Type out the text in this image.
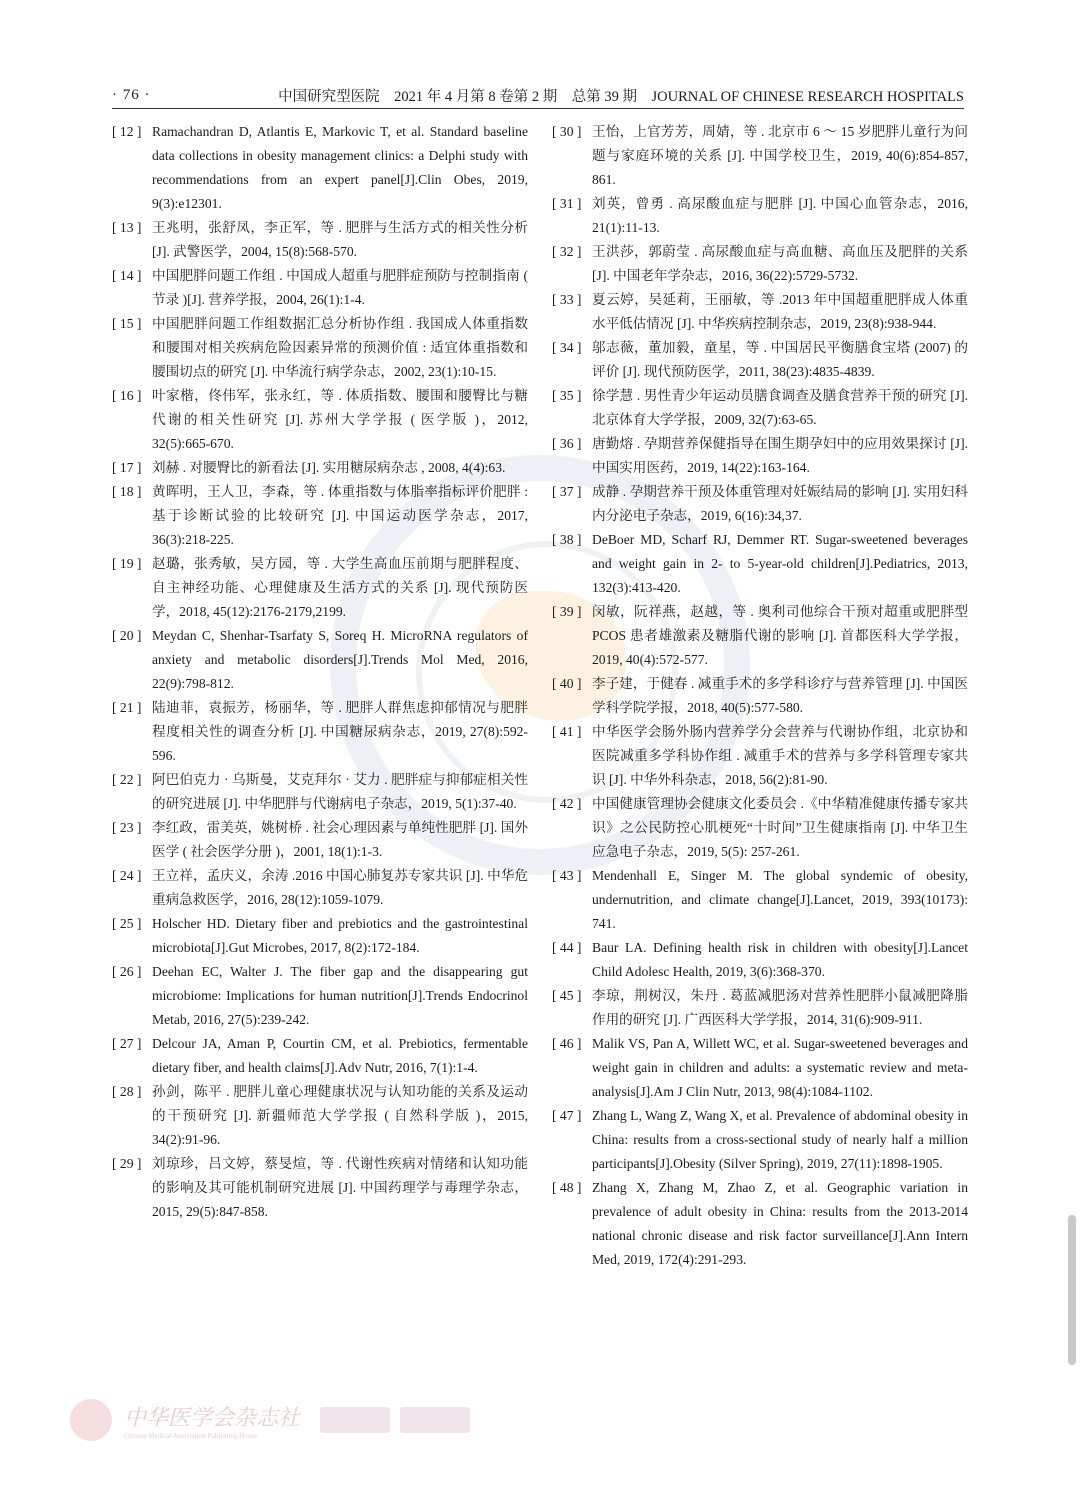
· 76 ·	中国研究型医院　2021 年 4 月第 8 卷第 2 期　总第 39 期　JOURNAL OF CHINESE RESEARCH HOSPITALS
[ 12 ] Ramachandran D, Atlantis E, Markovic T, et al. Standard baseline data collections in obesity management clinics: a Delphi study with recommendations from an expert panel[J].Clin Obes, 2019, 9(3):e12301.
[ 13 ] 王兆明，张舒凤，李正军，等 . 肥胖与生活方式的相关性分析 [J]. 武警医学，2004, 15(8):568-570.
[ 14 ] 中国肥胖问题工作组 . 中国成人超重与肥胖症预防与控制指南 ( 节录 )[J]. 营养学报，2004, 26(1):1-4.
[ 15 ] 中国肥胖问题工作组数据汇总分析协作组 . 我国成人体重指数和腰围对相关疾病危险因素异常的预测价值 : 适宜体重指数和腰围切点的研究 [J]. 中华流行病学杂志，2002, 23(1):10-15.
[ 16 ] 叶家楷，佟伟军，张永红，等 . 体质指数、腰围和腰臀比与糖代谢的相关性研究 [J]. 苏州大学学报 ( 医学版 )，2012, 32(5):665-670.
[ 17 ] 刘赫 . 对腰臀比的新看法 [J]. 实用糖尿病杂志 , 2008, 4(4):63.
[ 18 ] 黄晖明，王人卫，李森，等 . 体重指数与体脂率指标评价肥胖 : 基于诊断试验的比较研究 [J]. 中国运动医学杂志，2017, 36(3):218-225.
[ 19 ] 赵璐，张秀敏，吴方园，等 . 大学生高血压前期与肥胖程度、自主神经功能、心理健康及生活方式的关系 [J]. 现代预防医学，2018, 45(12):2176-2179,2199.
[ 20 ] Meydan C, Shenhar-Tsarfaty S, Soreq H. MicroRNA regulators of anxiety and metabolic disorders[J].Trends Mol Med, 2016, 22(9):798-812.
[ 21 ] 陆迪菲，袁振芳，杨丽华，等 . 肥胖人群焦虑抑郁情况与肥胖程度相关性的调查分析 [J]. 中国糖尿病杂志，2019, 27(8):592-596.
[ 22 ] 阿巴伯克力 · 乌斯曼，艾克拜尔 · 艾力 . 肥胖症与抑郁症相关性的研究进展 [J]. 中华肥胖与代谢病电子杂志，2019, 5(1):37-40.
[ 23 ] 李红政，雷美英，姚树桥 . 社会心理因素与单纯性肥胖 [J]. 国外医学 ( 社会医学分册 )，2001, 18(1):1-3.
[ 24 ] 王立祥，孟庆义，余涛 .2016 中国心肺复苏专家共识 [J]. 中华危重病急救医学，2016, 28(12):1059-1079.
[ 25 ] Holscher HD. Dietary fiber and prebiotics and the gastrointestinal microbiota[J].Gut Microbes, 2017, 8(2):172-184.
[ 26 ] Deehan EC, Walter J. The fiber gap and the disappearing gut microbiome: Implications for human nutrition[J].Trends Endocrinol Metab, 2016, 27(5):239-242.
[ 27 ] Delcour JA, Aman P, Courtin CM, et al. Prebiotics, fermentable dietary fiber, and health claims[J].Adv Nutr, 2016, 7(1):1-4.
[ 28 ] 孙剑，陈平 . 肥胖儿童心理健康状况与认知功能的关系及运动的干预研究 [J]. 新疆师范大学学报 ( 自然科学版 )，2015, 34(2):91-96.
[ 29 ] 刘琼珍，吕文婷，蔡旻煊，等 . 代谢性疾病对情绪和认知功能的影响及其可能机制研究进展 [J]. 中国药理学与毒理学杂志，2015, 29(5):847-858.
[ 30 ] 王怡，上官芳芳，周婧，等 . 北京市 6 ～ 15 岁肥胖儿童行为问题与家庭环境的关系 [J]. 中国学校卫生，2019, 40(6):854-857, 861.
[ 31 ] 刘英，曾勇 . 高尿酸血症与肥胖 [J]. 中国心血管杂志，2016, 21(1):11-13.
[ 32 ] 王洪莎，郭蔚莹 . 高尿酸血症与高血糖、高血压及肥胖的关系 [J]. 中国老年学杂志，2016, 36(22):5729-5732.
[ 33 ] 夏云婷，吴延莉，王丽敏，等 .2013 年中国超重肥胖成人体重水平低估情况 [J]. 中华疾病控制杂志，2019, 23(8):938-944.
[ 34 ] 邬志薇，董加毅，童星，等 . 中国居民平衡膳食宝塔 (2007) 的评价 [J]. 现代预防医学，2011, 38(23):4835-4839.
[ 35 ] 徐学慧 . 男性青少年运动员膳食调查及膳食营养干预的研究 [J]. 北京体育大学学报，2009, 32(7):63-65.
[ 36 ] 唐勤熔 . 孕期营养保健指导在围生期孕妇中的应用效果探讨 [J]. 中国实用医药，2019, 14(22):163-164.
[ 37 ] 成静 . 孕期营养干预及体重管理对妊娠结局的影响 [J]. 实用妇科内分泌电子杂志，2019, 6(16):34,37.
[ 38 ] DeBoer MD, Scharf RJ, Demmer RT. Sugar-sweetened beverages and weight gain in 2- to 5-year-old children[J].Pediatrics, 2013, 132(3):413-420.
[ 39 ] 闵敏，阮祥燕，赵越，等 . 奥利司他综合干预对超重或肥胖型 PCOS 患者雄激素及糖脂代谢的影响 [J]. 首都医科大学学报，2019, 40(4):572-577.
[ 40 ] 李子建，于健春 . 减重手术的多学科诊疗与营养管理 [J]. 中国医学科学院学报，2018, 40(5):577-580.
[ 41 ] 中华医学会肠外肠内营养学分会营养与代谢协作组，北京协和医院减重多学科协作组 . 减重手术的营养与多学科管理专家共识 [J]. 中华外科杂志，2018, 56(2):81-90.
[ 42 ] 中国健康管理协会健康文化委员会 .《中华精准健康传播专家共识》之公民防控心肌梗死“十时间”卫生健康指南 [J]. 中华卫生应急电子杂志，2019, 5(5): 257-261.
[ 43 ] Mendenhall E, Singer M. The global syndemic of obesity, undernutrition, and climate change[J].Lancet, 2019, 393(10173): 741.
[ 44 ] Baur LA. Defining health risk in children with obesity[J].Lancet Child Adolesc Health, 2019, 3(6):368-370.
[ 45 ] 李琼，荆树汉，朱丹 . 葛蓝减肥汤对营养性肥胖小鼠减肥降脂作用的研究 [J]. 广西医科大学学报，2014, 31(6):909-911.
[ 46 ] Malik VS, Pan A, Willett WC, et al. Sugar-sweetened beverages and weight gain in children and adults: a systematic review and meta-analysis[J].Am J Clin Nutr, 2013, 98(4):1084-1102.
[ 47 ] Zhang L, Wang Z, Wang X, et al. Prevalence of abdominal obesity in China: results from a cross-sectional study of nearly half a million participants[J].Obesity (Silver Spring), 2019, 27(11):1898-1905.
[ 48 ] Zhang X, Zhang M, Zhao Z, et al. Geographic variation in prevalence of adult obesity in China: results from the 2013-2014 national chronic disease and risk factor surveillance[J].Ann Intern Med, 2019, 172(4):291-293.
中华医学会杂志社
Chinese Medical Association Publishing House
